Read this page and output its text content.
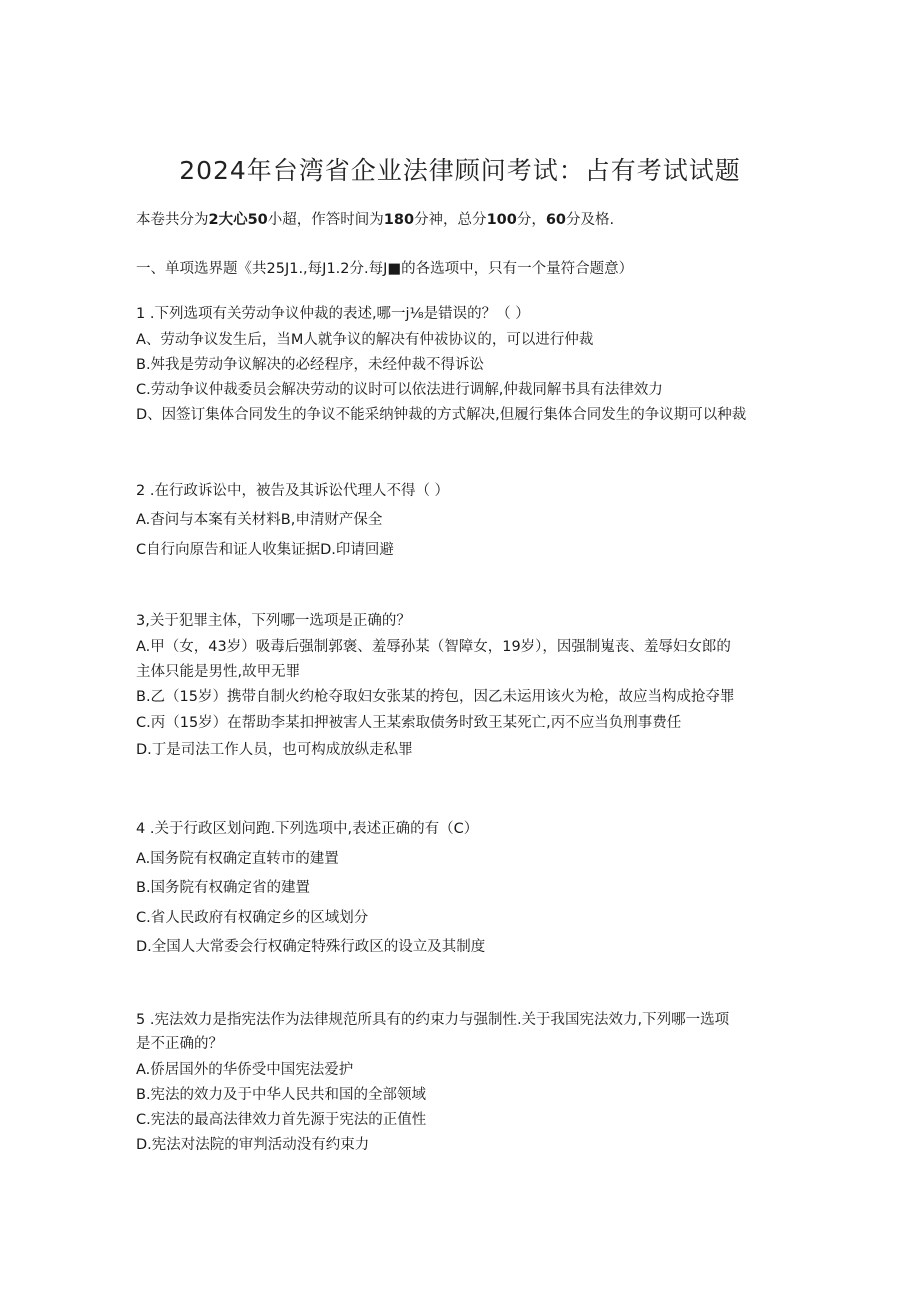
2024年台湾省企业法律顾问考试：占有考试试题
本卷共分为2大心50小超，作答时间为180分神，总分100分，60分及格.
一、单项选界题《共25J1.,每J1.2分.每J■的各选项中，只有一个量符合题意）
1 .下列选项有关劳动争议仲裁的表述,哪一j⅛是错误的？（ ）
A、劳动争议发生后，当M人就争议的解决有仲祓协议的，可以进行仲裁
B.舛我是劳动争议解决的必经程序，未经仲裁不得诉讼
C.劳动争议仲裁委员会解决劳动的议时可以依法进行调解,仲裁同解书具有法律效力
D、因签订集体合同发生的争议不能采纳钟裁的方式解决,但履行集体合同发生的争议期可以种裁
2 .在行政诉讼中，被告及其诉讼代理人不得（ ）
A.杳问与本案有关材料B,申清财产保全
C自行向原告和证人收集证据D.印请回避
3,关于犯罪主体，下列哪一选项是正确的？
A.甲（女，43岁）吸毒后强制郭褒、羞辱孙某（智障女，19岁），因强制嵬丧、羞辱妇女郎的
主体只能是男性,故甲无罪
B.乙（15岁）携带自制火约枪夺取妇女张某的挎包，因乙未运用该火为枪，故应当构成抢夺罪
C.丙（15岁）在帮助李某扣押被害人王某索取债务时致王某死亡,丙不应当负刑事费任
D.丁是司法工作人员，也可构成放纵走私罪
4 .关于行政区划问跑.下列选项中,表述正确的有（C）
A.国务院有权确定直转市的建置
B.国务院有权确定省的建置
C.省人民政府有权确定乡的区域划分
D.全国人大常委会行权确定特殊行政区的设立及其制度
5 .宪法效力是指宪法作为法律规范所具有的约束力与强制性.关于我国宪法效力,下列哪一选项
是不正确的？
A.侨居国外的华侨受中国宪法爱护
B.宪法的效力及于中华人民共和国的全部领域
C.宪法的最高法律效力首先源于宪法的正值性
D.宪法对法院的审判活动没有约束力
